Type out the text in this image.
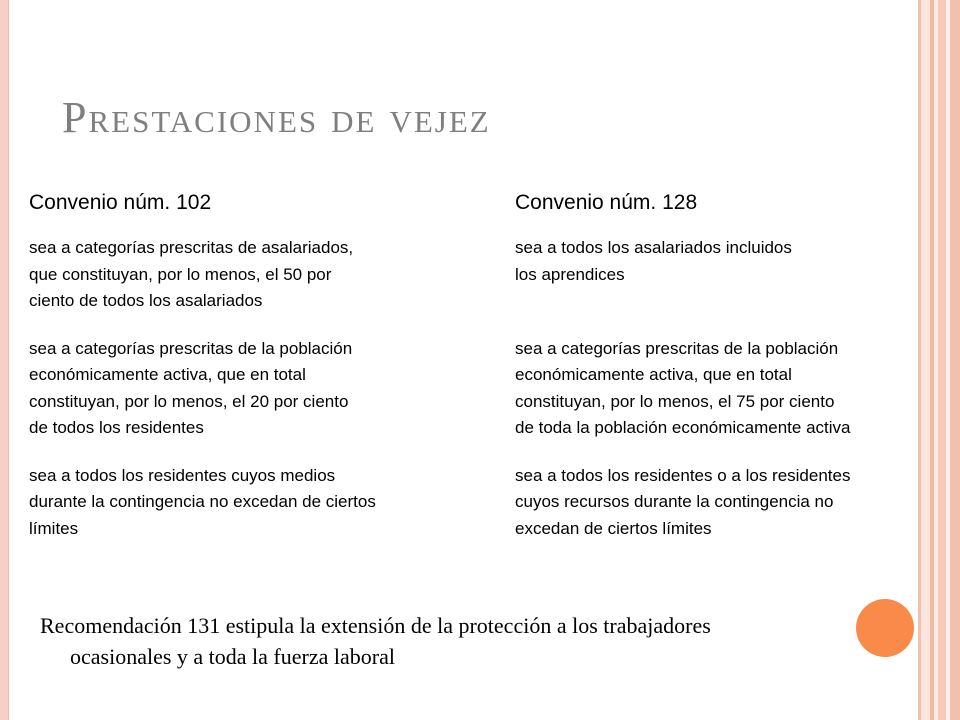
Prestaciones de vejez
Convenio núm. 102
sea a categorías prescritas de asalariados,
que constituyan, por lo menos, el 50 por
ciento de todos los asalariados
sea a categorías prescritas de la población
económicamente activa, que en total
constituyan, por lo menos, el 20 por ciento
de todos los residentes
sea a todos los residentes cuyos medios
durante la contingencia no excedan de ciertos
límites
Convenio núm. 128
sea a todos los asalariados incluidos
los aprendices
sea a categorías prescritas de la población
económicamente activa, que en total
constituyan, por lo menos, el 75 por ciento
de toda la población económicamente activa
sea a todos los residentes o a los residentes
cuyos recursos durante la contingencia no
excedan de ciertos límites
Recomendación 131 estipula la extensión de la protección a los trabajadores
ocasionales y a toda la fuerza laboral
